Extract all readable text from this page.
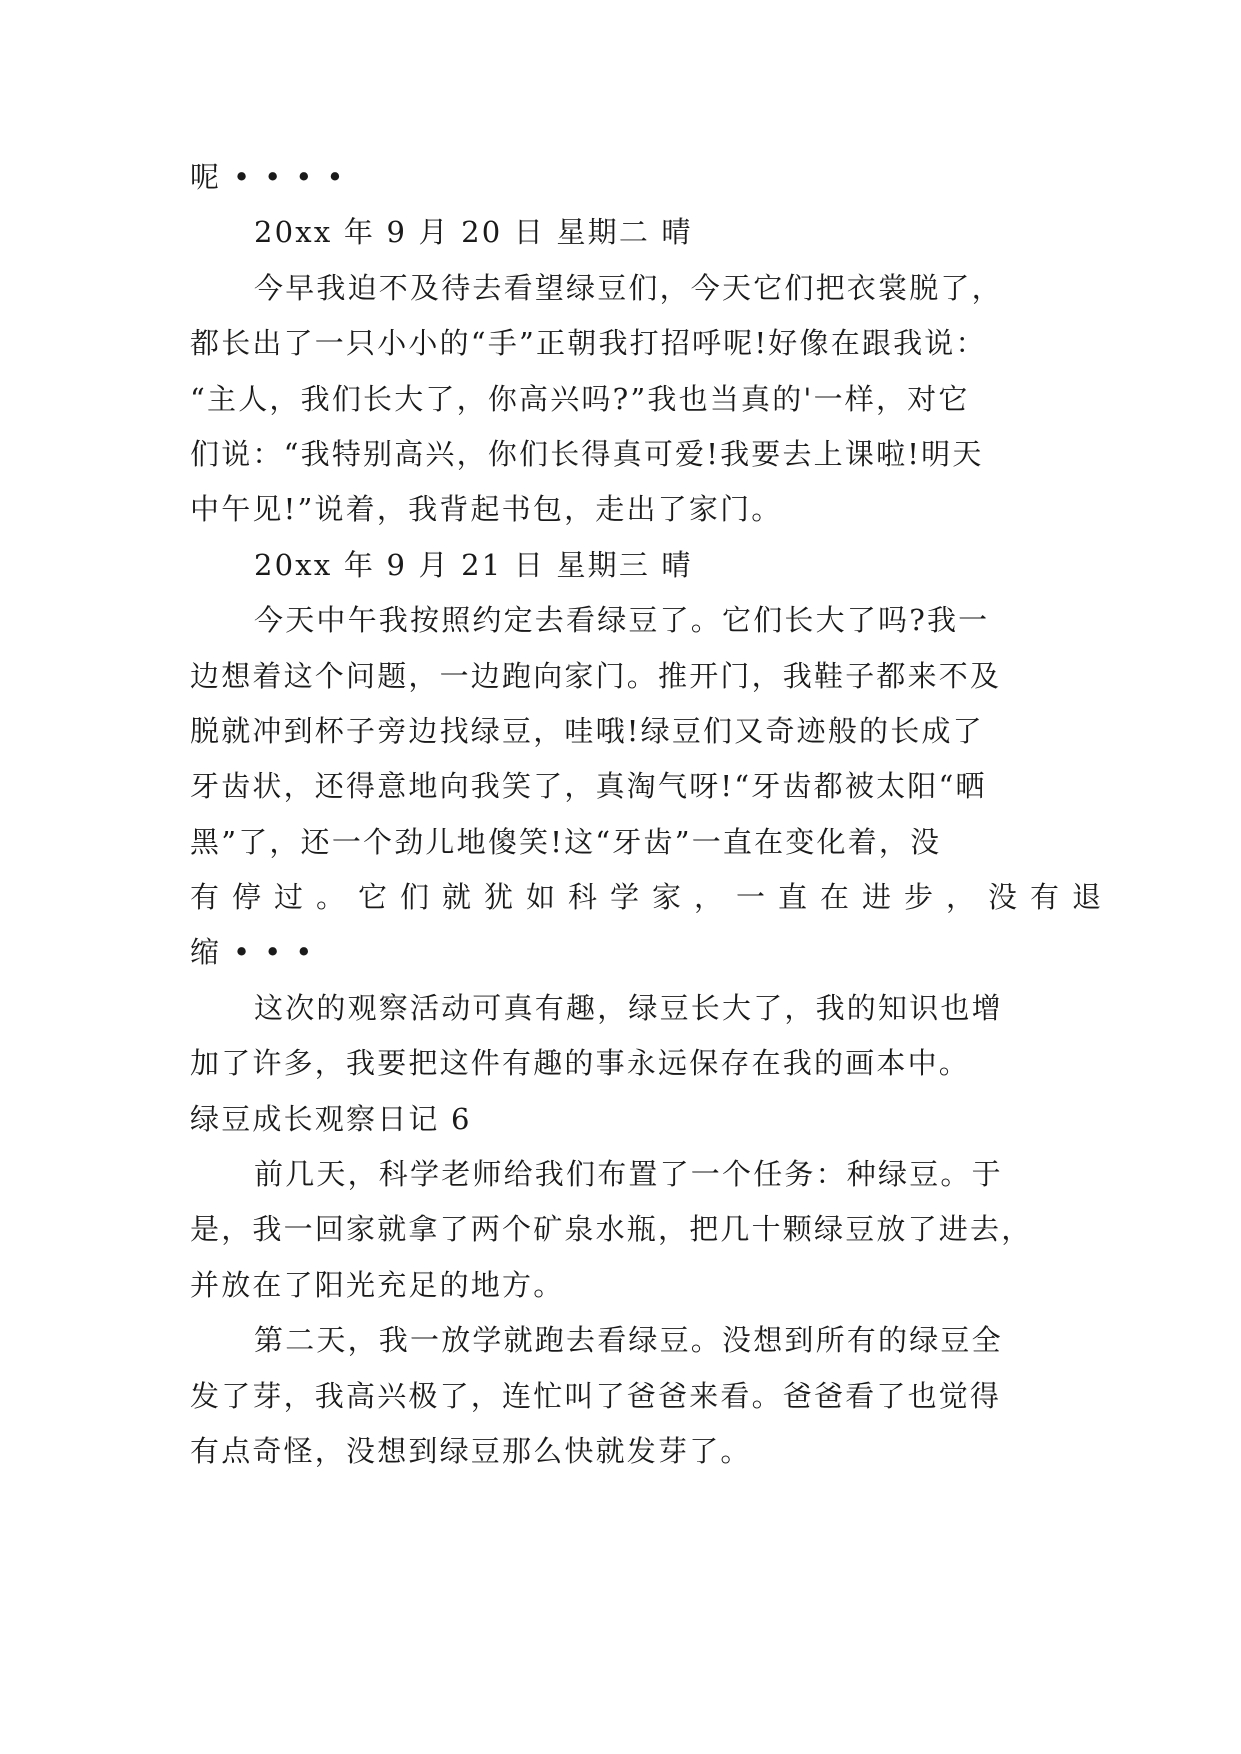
呢••••
20xx 年 9 月 20 日 星期二 晴
今早我迫不及待去看望绿豆们，今天它们把衣裳脱了，
都长出了一只小小的“手”正朝我打招呼呢!好像在跟我说：
“主人，我们长大了，你高兴吗?”我也当真的'一样，对它
们说：“我特别高兴，你们长得真可爱!我要去上课啦!明天
中午见!”说着，我背起书包，走出了家门。
20xx 年 9 月 21 日 星期三 晴
今天中午我按照约定去看绿豆了。它们长大了吗?我一
边想着这个问题，一边跑向家门。推开门，我鞋子都来不及
脱就冲到杯子旁边找绿豆，哇哦!绿豆们又奇迹般的长成了
牙齿状，还得意地向我笑了，真淘气呀!“牙齿都被太阳“晒
黑”了，还一个劲儿地傻笑!这“牙齿”一直在变化着，没
有停过。它们就犹如科学家，一直在进步，没有退
缩•••
这次的观察活动可真有趣，绿豆长大了，我的知识也增
加了许多，我要把这件有趣的事永远保存在我的画本中。
绿豆成长观察日记 6
前几天，科学老师给我们布置了一个任务：种绿豆。于
是，我一回家就拿了两个矿泉水瓶，把几十颗绿豆放了进去，
并放在了阳光充足的地方。
第二天，我一放学就跑去看绿豆。没想到所有的绿豆全
发了芽，我高兴极了，连忙叫了爸爸来看。爸爸看了也觉得
有点奇怪，没想到绿豆那么快就发芽了。
